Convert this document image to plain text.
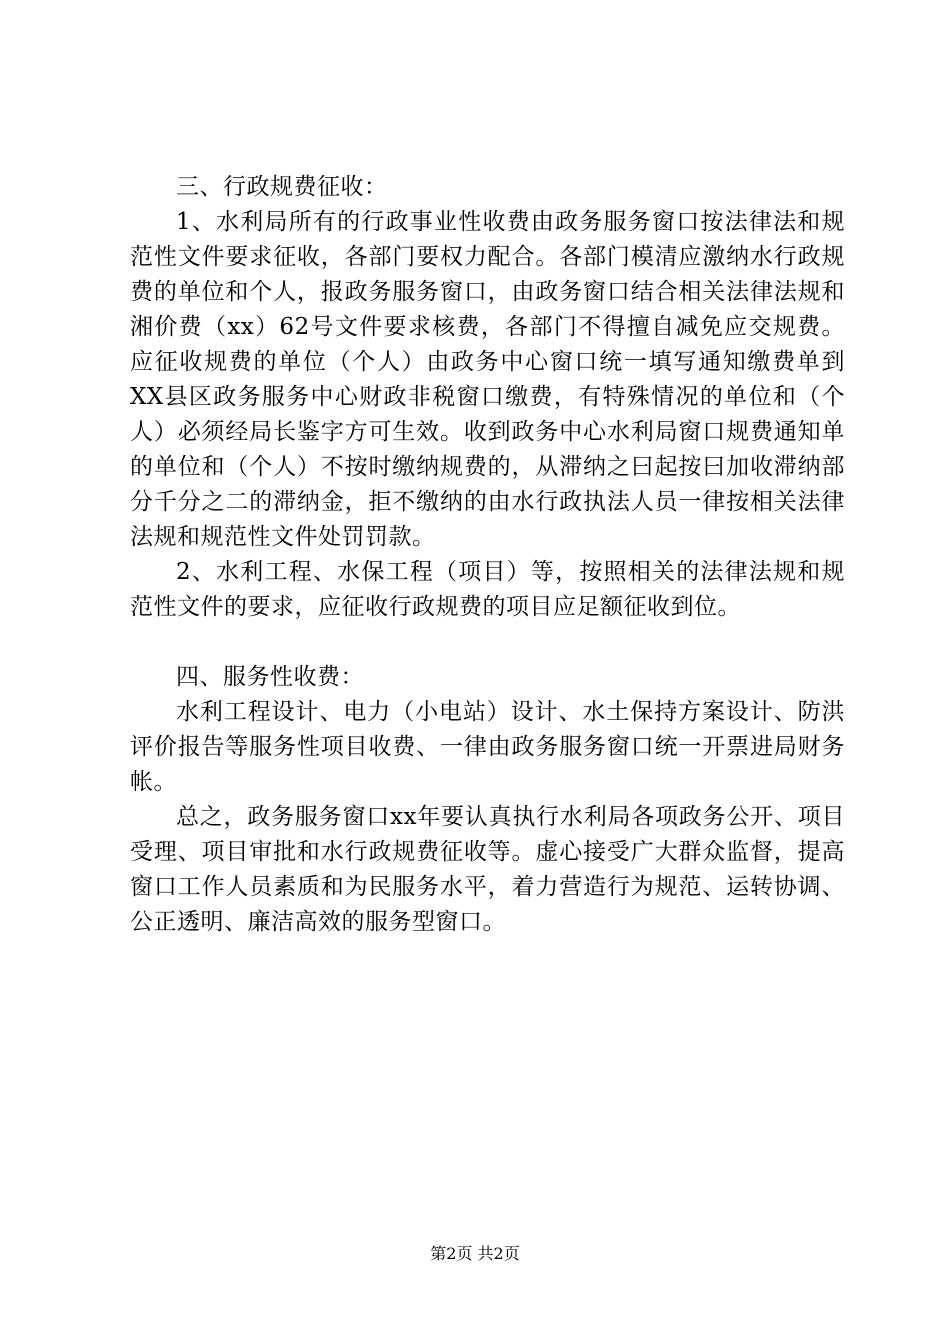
三、行政规费征收：

1、水利局所有的行政事业性收费由政务服务窗口按法律法和规范性文件要求征收，各部门要权力配合。各部门模清应激纳水行政规费的单位和个人，报政务服务窗口，由政务窗口结合相关法律法规和湘价费（xx）62号文件要求核费，各部门不得擅自减免应交规费。应征收规费的单位（个人）由政务中心窗口统一填写通知缴费单到XX县区政务服务中心财政非税窗口缴费，有特殊情况的单位和（个人）必须经局长鉴字方可生效。收到政务中心水利局窗口规费通知单的单位和（个人）不按时缴纳规费的，从滞纳之曰起按曰加收滞纳部分千分之二的滞纳金，拒不缴纳的由水行政执法人员一律按相关法律法规和规范性文件处罚罚款。

2、水利工程、水保工程（项目）等，按照相关的法律法规和规范性文件的要求，应征收行政规费的项目应足额征收到位。

四、服务性收费：

水利工程设计、电力（小电站）设计、水土保持方案设计、防洪评价报告等服务性项目收费、一律由政务服务窗口统一开票进局财务帐。

总之，政务服务窗口xx年要认真执行水利局各项政务公开、项目受理、项目审批和水行政规费征收等。虚心接受广大群众监督，提高窗口工作人员素质和为民服务水平，着力营造行为规范、运转协调、公正透明、廉洁高效的服务型窗口。

第2页 共2页
